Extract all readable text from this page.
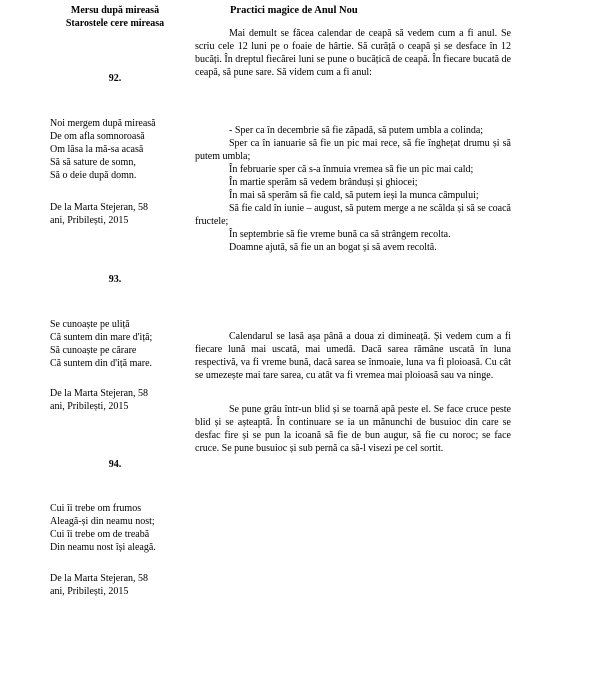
Mersu după mireasă
Starostele cere mireasa
92.
Noi mergem după mireasă
De om afla somnoroasă
Om lăsa la mă-sa acasă
Să să sature de somn,
Să o deie după domn.
De la Marta Stejeran, 58
ani, Pribilești, 2015
93.
Se cunoaște pe uliță
Că suntem din mare d'iță;
Să cunoaște pe cărare
Că suntem din d'iță mare.
De la Marta Stejeran, 58
ani, Pribilești, 2015
94.
Cui îi trebe om frumos
Aleagă-și din neamu nost;
Cui îi trebe om de treabă
Din neamu nost își aleagă.
De la Marta Stejeran, 58
ani, Pribilești, 2015
Practici magice de Anul Nou
Mai demult se făcea calendar de ceapă să vedem cum a fi anul. Se scriu cele 12 luni pe o foaie de hârtie. Să curăță o ceapă și se desface în 12 bucăți. În dreptul fiecărei luni se pune o bucățică de ceapă. În fiecare bucată de ceapă, să pune sare. Să videm cum a fi anul:
- Sper ca în decembrie să fie zăpadă, să putem umbla a colinda;
Sper ca în ianuarie să fie un pic mai rece, să fie înghețat drumu și să putem umbla;
În februarie sper că s-a înmuia vremea să fie un pic mai cald;
În martie sperăm să vedem brânduși și ghiocei;
În mai să sperăm să fie cald, să putem ieși la munca câmpului;
Să fie cald în iunie – august, să putem merge a ne scălda și să se coacă fructele;
În septembrie să fie vreme bună ca să strângem recolta.
Doamne ajută, să fie un an bogat și să avem recoltă.
Calendarul se lasă așa până a doua zi dimineață. Și vedem cum a fi fiecare lună mai uscată, mai umedă. Dacă sarea rămâne uscată în luna respectivă, va fi vreme bună, dacă sarea se înmoaie, luna va fi ploioasă. Cu cât se umezește mai tare sarea, cu atât va fi vremea mai ploioasă sau va ninge.
Se pune grâu într-un blid și se toarnă apă peste el. Se face cruce peste blid și se așteaptă. În continuare se ia un mănunchi de busuioc din care se desfac fire și se pun la icoană să fie de bun augur, să fie cu noroc; se face cruce. Se pune busuioc și sub pernă ca să-l visezi pe cel sortit.
